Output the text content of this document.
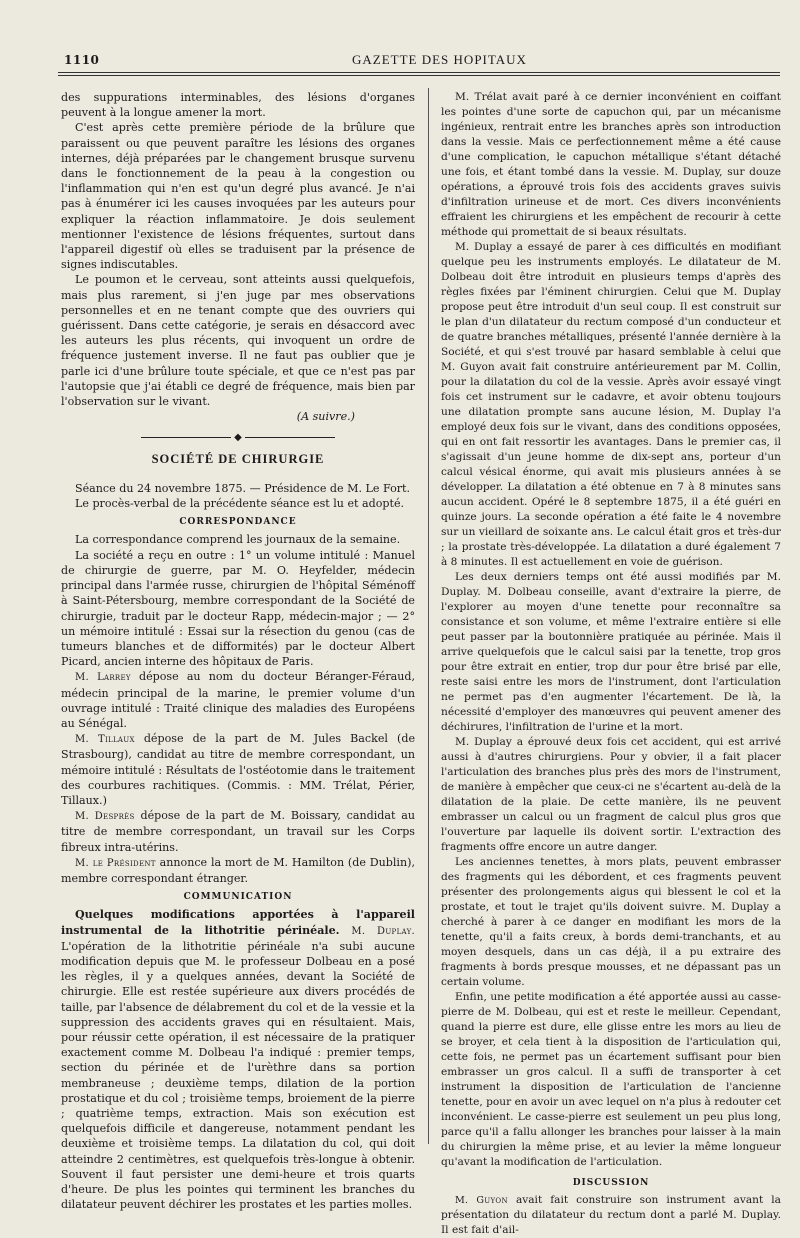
1110	GAZETTE DES HOPITAUX

des suppurations interminables, des lésions d'organes peuvent à la longue amener la mort.

C'est après cette première période de la brûlure que paraissent ou que peuvent paraître les lésions des organes internes, déjà préparées par le changement brusque survenu dans le fonctionnement de la peau à la congestion ou l'inflammation qui n'en est qu'un degré plus avancé. Je n'ai pas à énumérer ici les causes invoquées par les auteurs pour expliquer la réaction inflammatoire. Je dois seulement mentionner l'existence de lésions fréquentes, surtout dans l'appareil digestif où elles se traduisent par la présence de signes indiscutables.

Le poumon et le cerveau, sont atteints aussi quelquefois, mais plus rarement, si j'en juge par mes observations personnelles et en ne tenant compte que des ouvriers qui guérissent. Dans cette catégorie, je serais en désaccord avec les auteurs les plus récents, qui invoquent un ordre de fréquence justement inverse. Il ne faut pas oublier que je parle ici d'une brûlure toute spéciale, et que ce n'est pas par l'autopsie que j'ai établi ce degré de fréquence, mais bien par l'observation sur le vivant.

(A suivre.)

◆
SOCIÉTÉ DE CHIRURGIE

Séance du 24 novembre 1875. — Présidence de M. Le Fort.

Le procès-verbal de la précédente séance est lu et adopté.

CORRESPONDANCE

La correspondance comprend les journaux de la semaine.

La société a reçu en outre : 1° un volume intitulé : Manuel de chirurgie de guerre, par M. O. Heyfelder, médecin principal dans l'armée russe, chirurgien de l'hôpital Séménoff à Saint-Pétersbourg, membre correspondant de la Société de chirurgie, traduit par le docteur Rapp, médecin-major ; — 2° un mémoire intitulé : Essai sur la résection du genou (cas de tumeurs blanches et de difformités) par le docteur Albert Picard, ancien interne des hôpitaux de Paris.

M. Larrey dépose au nom du docteur Béranger-Féraud, médecin principal de la marine, le premier volume d'un ouvrage intitulé : Traité clinique des maladies des Européens au Sénégal.

M. Tillaux dépose de la part de M. Jules Backel (de Strasbourg), candidat au titre de membre correspondant, un mémoire intitulé : Résultats de l'ostéotomie dans le traitement des courbures rachitiques. (Commis. : MM. Trélat, Périer, Tillaux.)

M. Desprès dépose de la part de M. Boissary, candidat au titre de membre correspondant, un travail sur les Corps fibreux intra-utérins.

M. le Président annonce la mort de M. Hamilton (de Dublin), membre correspondant étranger.

COMMUNICATION

Quelques modifications apportées à l'appareil instrumental de la lithotritie périnéale. M. Duplay. L'opération de la lithotritie périnéale n'a subi aucune modification depuis que M. le professeur Dolbeau en a posé les règles, il y a quelques années, devant la Société de chirurgie. Elle est restée supérieure aux divers procédés de taille, par l'absence de délabrement du col et de la vessie et la suppression des accidents graves qui en résultaient. Mais, pour réussir cette opération, il est nécessaire de la pratiquer exactement comme M. Dolbeau l'a indiqué : premier temps, section du périnée et de l'urèthre dans sa portion membraneuse ; deuxième temps, dilation de la portion prostatique et du col ; troisième temps, broiement de la pierre ; quatrième temps, extraction. Mais son exécution est quelquefois difficile et dangereuse, notamment pendant les deuxième et troisième temps. La dilatation du col, qui doit atteindre 2 centimètres, est quelquefois très-longue à obtenir. Souvent il faut persister une demi-heure et trois quarts d'heure. De plus les pointes qui terminent les branches du dilatateur peuvent déchirer les prostates et les parties molles.

M. Trélat avait paré à ce dernier inconvénient en coiffant les pointes d'une sorte de capuchon qui, par un mécanisme ingénieux, rentrait entre les branches après son introduction dans la vessie. Mais ce perfectionnement même a été cause d'une complication, le capuchon métallique s'étant détaché une fois, et étant tombé dans la vessie. M. Duplay, sur douze opérations, a éprouvé trois fois des accidents graves suivis d'infiltration urineuse et de mort. Ces divers inconvénients effraient les chirurgiens et les empêchent de recourir à cette méthode qui promettait de si beaux résultats.

M. Duplay a essayé de parer à ces difficultés en modifiant quelque peu les instruments employés. Le dilatateur de M. Dolbeau doit être introduit en plusieurs temps d'après des règles fixées par l'éminent chirurgien. Celui que M. Duplay propose peut être introduit d'un seul coup. Il est construit sur le plan d'un dilatateur du rectum composé d'un conducteur et de quatre branches métalliques, présenté l'année dernière à la Société, et qui s'est trouvé par hasard semblable à celui que M. Guyon avait fait construire antérieurement par M. Collin, pour la dilatation du col de la vessie. Après avoir essayé vingt fois cet instrument sur le cadavre, et avoir obtenu toujours une dilatation prompte sans aucune lésion, M. Duplay l'a employé deux fois sur le vivant, dans des conditions opposées, qui en ont fait ressortir les avantages. Dans le premier cas, il s'agissait d'un jeune homme de dix-sept ans, porteur d'un calcul vésical énorme, qui avait mis plusieurs années à se développer. La dilatation a été obtenue en 7 à 8 minutes sans aucun accident. Opéré le 8 septembre 1875, il a été guéri en quinze jours. La seconde opération a été faite le 4 novembre sur un vieillard de soixante ans. Le calcul était gros et très-dur ; la prostate très-développée. La dilatation a duré également 7 à 8 minutes. Il est actuellement en voie de guérison.

Les deux derniers temps ont été aussi modifiés par M. Duplay. M. Dolbeau conseille, avant d'extraire la pierre, de l'explorer au moyen d'une tenette pour reconnaître sa consistance et son volume, et même l'extraire entière si elle peut passer par la boutonnière pratiquée au périnée. Mais il arrive quelquefois que le calcul saisi par la tenette, trop gros pour être extrait en entier, trop dur pour être brisé par elle, reste saisi entre les mors de l'instrument, dont l'articulation ne permet pas d'en augmenter l'écartement. De là, la nécessité d'employer des manœuvres qui peuvent amener des déchirures, l'infiltration de l'urine et la mort.

M. Duplay a éprouvé deux fois cet accident, qui est arrivé aussi à d'autres chirurgiens. Pour y obvier, il a fait placer l'articulation des branches plus près des mors de l'instrument, de manière à empêcher que ceux-ci ne s'écartent au-delà de la dilatation de la plaie. De cette manière, ils ne peuvent embrasser un calcul ou un fragment de calcul plus gros que l'ouverture par laquelle ils doivent sortir. L'extraction des fragments offre encore un autre danger.

Les anciennes tenettes, à mors plats, peuvent embrasser des fragments qui les débordent, et ces fragments peuvent présenter des prolongements aigus qui blessent le col et la prostate, et tout le trajet qu'ils doivent suivre. M. Duplay a cherché à parer à ce danger en modifiant les mors de la tenette, qu'il a faits creux, à bords demi-tranchants, et au moyen desquels, dans un cas déjà, il a pu extraire des fragments à bords presque mousses, et ne dépassant pas un certain volume.

Enfin, une petite modification a été apportée aussi au casse-pierre de M. Dolbeau, qui est et reste le meilleur. Cependant, quand la pierre est dure, elle glisse entre les mors au lieu de se broyer, et cela tient à la disposition de l'articulation qui, cette fois, ne permet pas un écartement suffisant pour bien embrasser un gros calcul. Il a suffi de transporter à cet instrument la disposition de l'articulation de l'ancienne tenette, pour en avoir un avec lequel on n'a plus à redouter cet inconvénient. Le casse-pierre est seulement un peu plus long, parce qu'il a fallu allonger les branches pour laisser à la main du chirurgien la même prise, et au levier la même longueur qu'avant la modification de l'articulation.

DISCUSSION

M. Guyon avait fait construire son instrument avant la présentation du dilatateur du rectum dont a parlé M. Duplay. Il est fait d'ail-
